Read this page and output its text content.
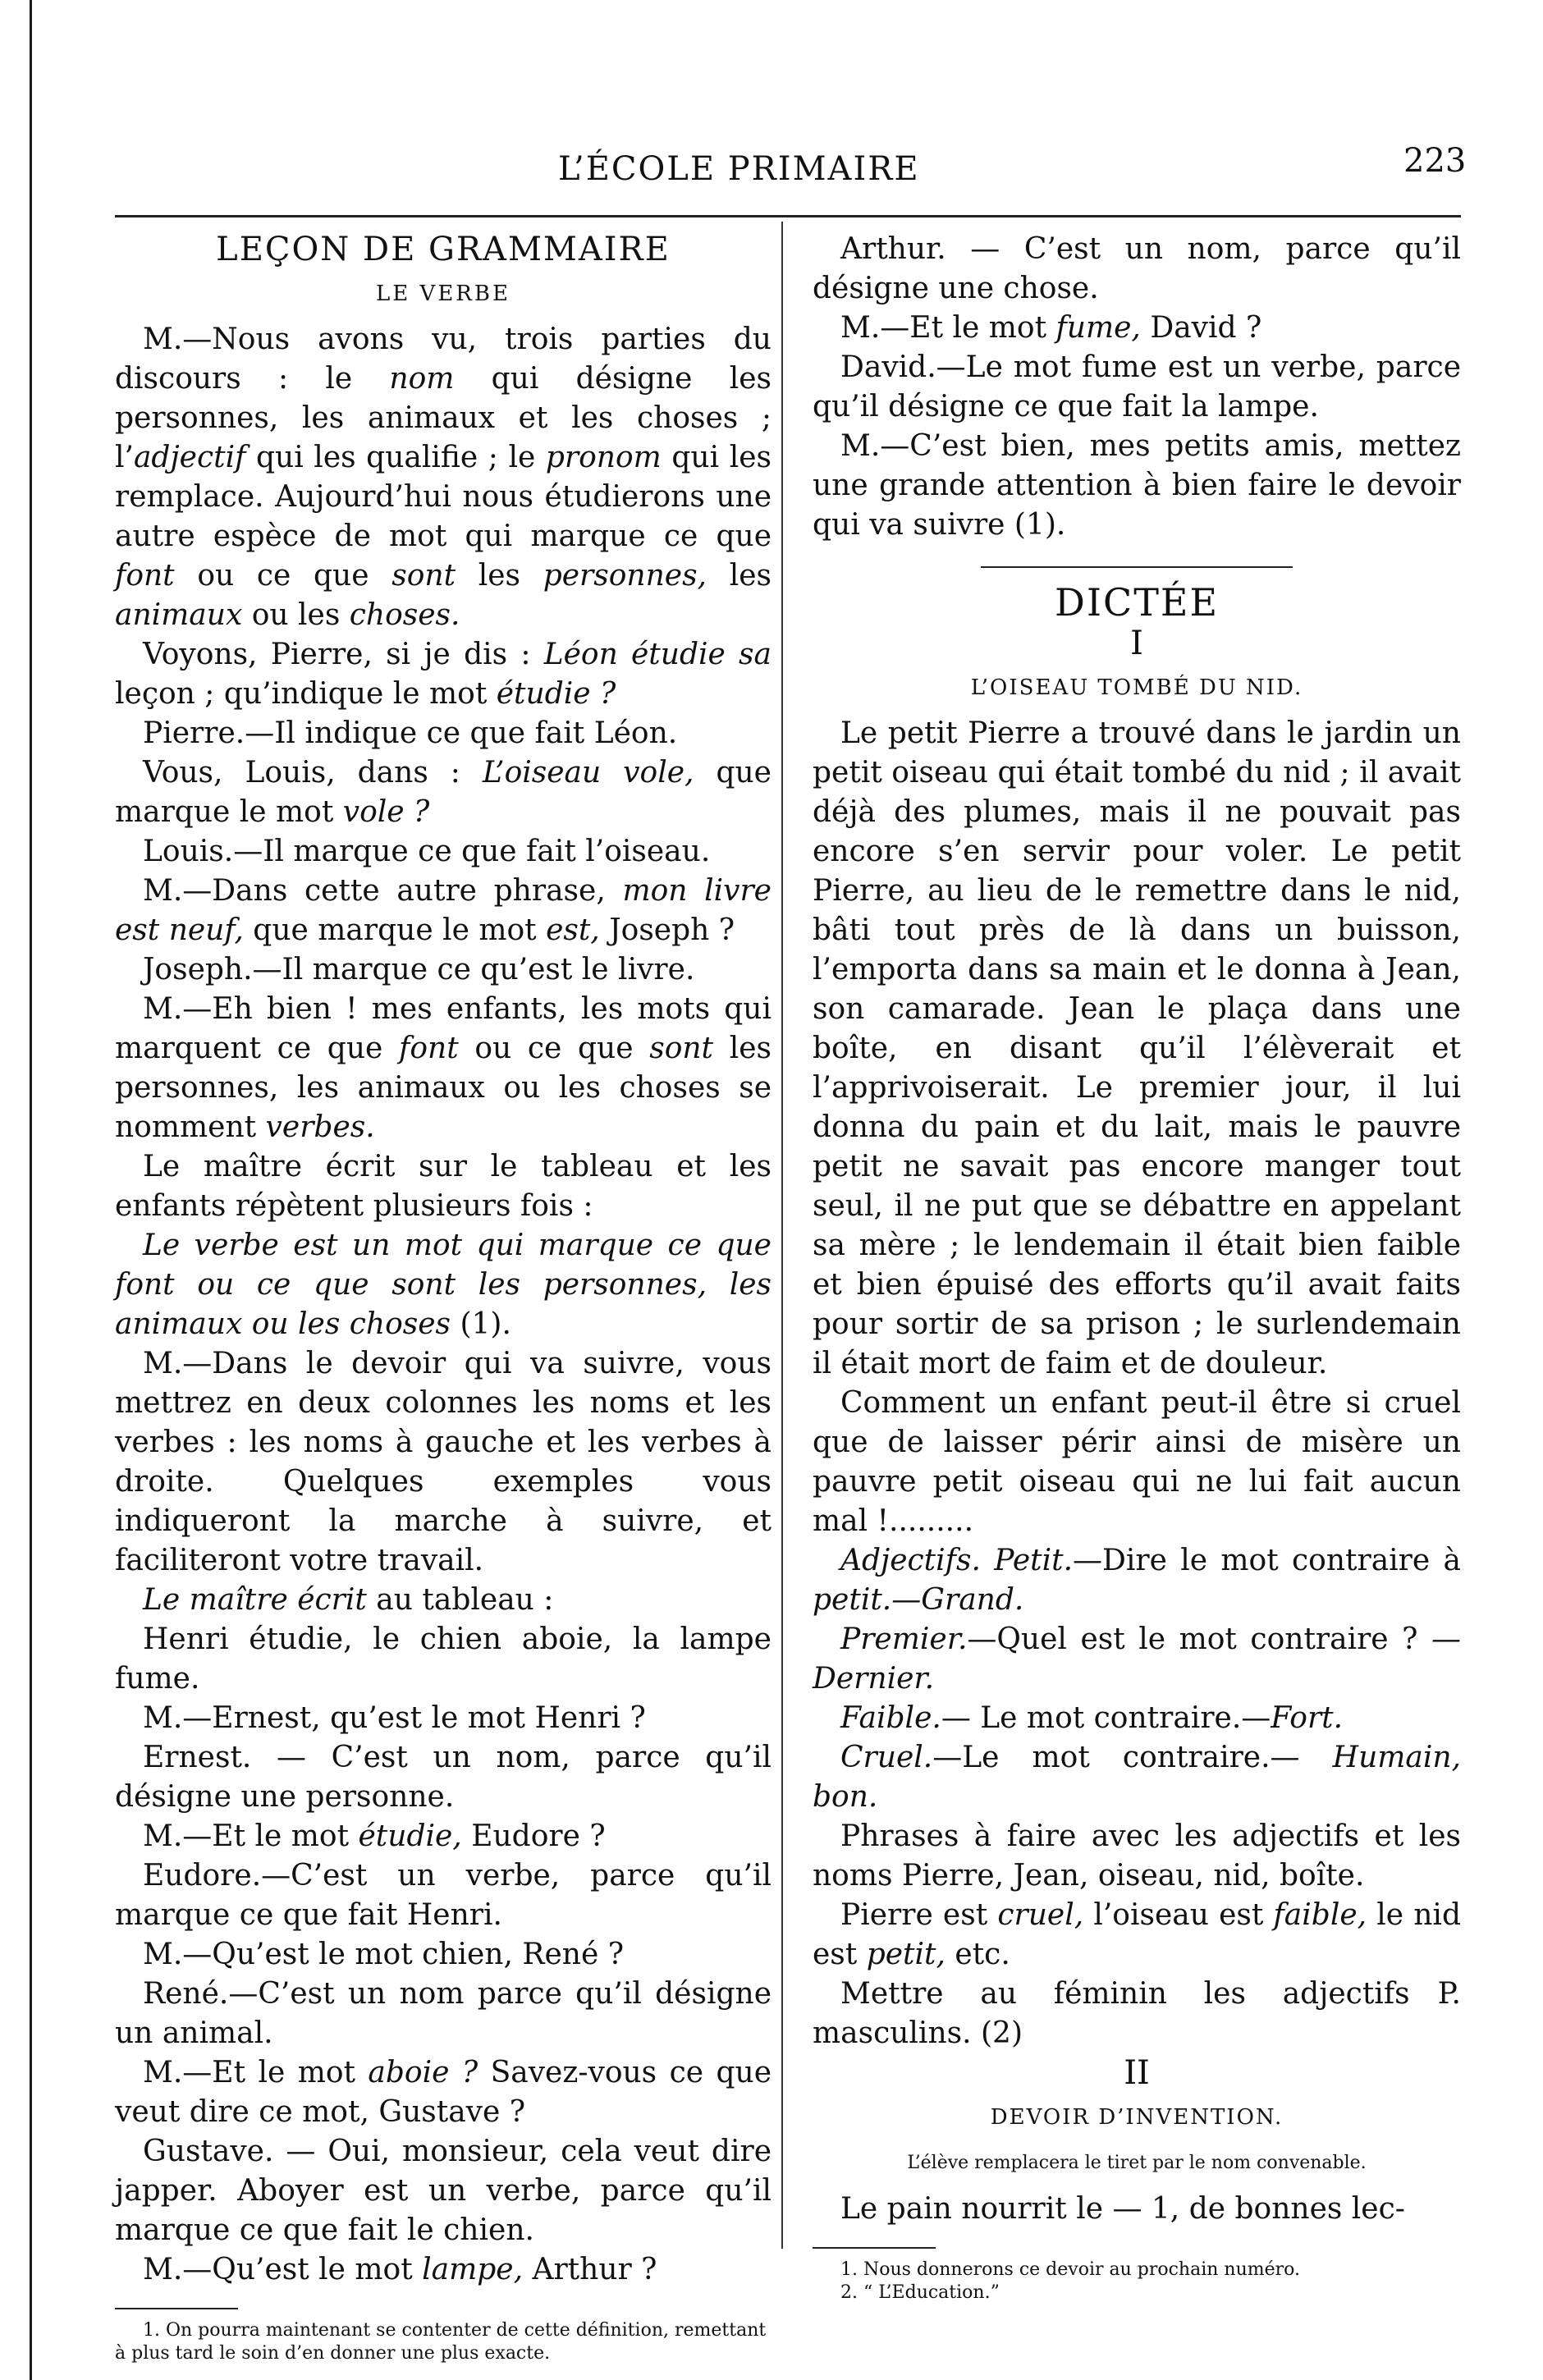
L’ÉCOLE PRIMAIRE	223
LEÇON DE GRAMMAIRE
LE VERBE

M.—Nous avons vu, trois parties du discours : le nom qui désigne les personnes, les animaux et les choses ; l’adjectif qui les qualifie ; le pronom qui les remplace. Aujourd’hui nous étudierons une autre espèce de mot qui marque ce que font ou ce que sont les personnes, les animaux ou les choses.

Voyons, Pierre, si je dis : Léon étudie sa leçon ; qu’indique le mot étudie ?

Pierre.—Il indique ce que fait Léon.

Vous, Louis, dans : L’oiseau vole, que marque le mot vole ?

Louis.—Il marque ce que fait l’oiseau.

M.—Dans cette autre phrase, mon livre est neuf, que marque le mot est, Joseph ?

Joseph.—Il marque ce qu’est le livre.

M.—Eh bien ! mes enfants, les mots qui marquent ce que font ou ce que sont les personnes, les animaux ou les choses se nomment verbes.

Le maître écrit sur le tableau et les enfants répètent plusieurs fois :

Le verbe est un mot qui marque ce que font ou ce que sont les personnes, les animaux ou les choses (1).

M.—Dans le devoir qui va suivre, vous mettrez en deux colonnes les noms et les verbes : les noms à gauche et les verbes à droite. Quelques exemples vous indiqueront la marche à suivre, et faciliteront votre travail.

Le maître écrit au tableau :

Henri étudie, le chien aboie, la lampe fume.

M.—Ernest, qu’est le mot Henri ?

Ernest. — C’est un nom, parce qu’il désigne une personne.

M.—Et le mot étudie, Eudore ?

Eudore.—C’est un verbe, parce qu’il marque ce que fait Henri.

M.—Qu’est le mot chien, René ?

René.—C’est un nom parce qu’il désigne un animal.

M.—Et le mot aboie ? Savez-vous ce que veut dire ce mot, Gustave ?

Gustave. — Oui, monsieur, cela veut dire japper. Aboyer est un verbe, parce qu’il marque ce que fait le chien.

M.—Qu’est le mot lampe, Arthur ?

1. On pourra maintenant se contenter de cette définition, remettant à plus tard le soin d’en donner une plus exacte.

Arthur. — C’est un nom, parce qu’il désigne une chose.

M.—Et le mot fume, David ?

David.—Le mot fume est un verbe, parce qu’il désigne ce que fait la lampe.

M.—C’est bien, mes petits amis, mettez une grande attention à bien faire le devoir qui va suivre (1).

DICTÉE
I
L’OISEAU TOMBÉ DU NID.

Le petit Pierre a trouvé dans le jardin un petit oiseau qui était tombé du nid ; il avait déjà des plumes, mais il ne pouvait pas encore s’en servir pour voler. Le petit Pierre, au lieu de le remettre dans le nid, bâti tout près de là dans un buisson, l’emporta dans sa main et le donna à Jean, son camarade. Jean le plaça dans une boîte, en disant qu’il l’élèverait et l’apprivoiserait. Le premier jour, il lui donna du pain et du lait, mais le pauvre petit ne savait pas encore manger tout seul, il ne put que se débattre en appelant sa mère ; le lendemain il était bien faible et bien épuisé des efforts qu’il avait faits pour sortir de sa prison ; le surlendemain il était mort de faim et de douleur.

Comment un enfant peut-il être si cruel que de laisser périr ainsi de misère un pauvre petit oiseau qui ne lui fait aucun mal !.........

Adjectifs. Petit.—Dire le mot contraire à petit.—Grand.

Premier.—Quel est le mot contraire ? — Dernier.

Faible.— Le mot contraire.—Fort.

Cruel.—Le mot contraire.— Humain, bon.

Phrases à faire avec les adjectifs et les noms Pierre, Jean, oiseau, nid, boîte.

Pierre est cruel, l’oiseau est faible, le nid est petit, etc.

Mettre au féminin les adjectifs masculins. (2)
P.

II
DEVOIR D’INVENTION.
L’élève remplacera le tiret par le nom convenable.

Le pain nourrit le — 1, de bonnes lec-

1. Nous donnerons ce devoir au prochain numéro.

2. “ L’Education.”
